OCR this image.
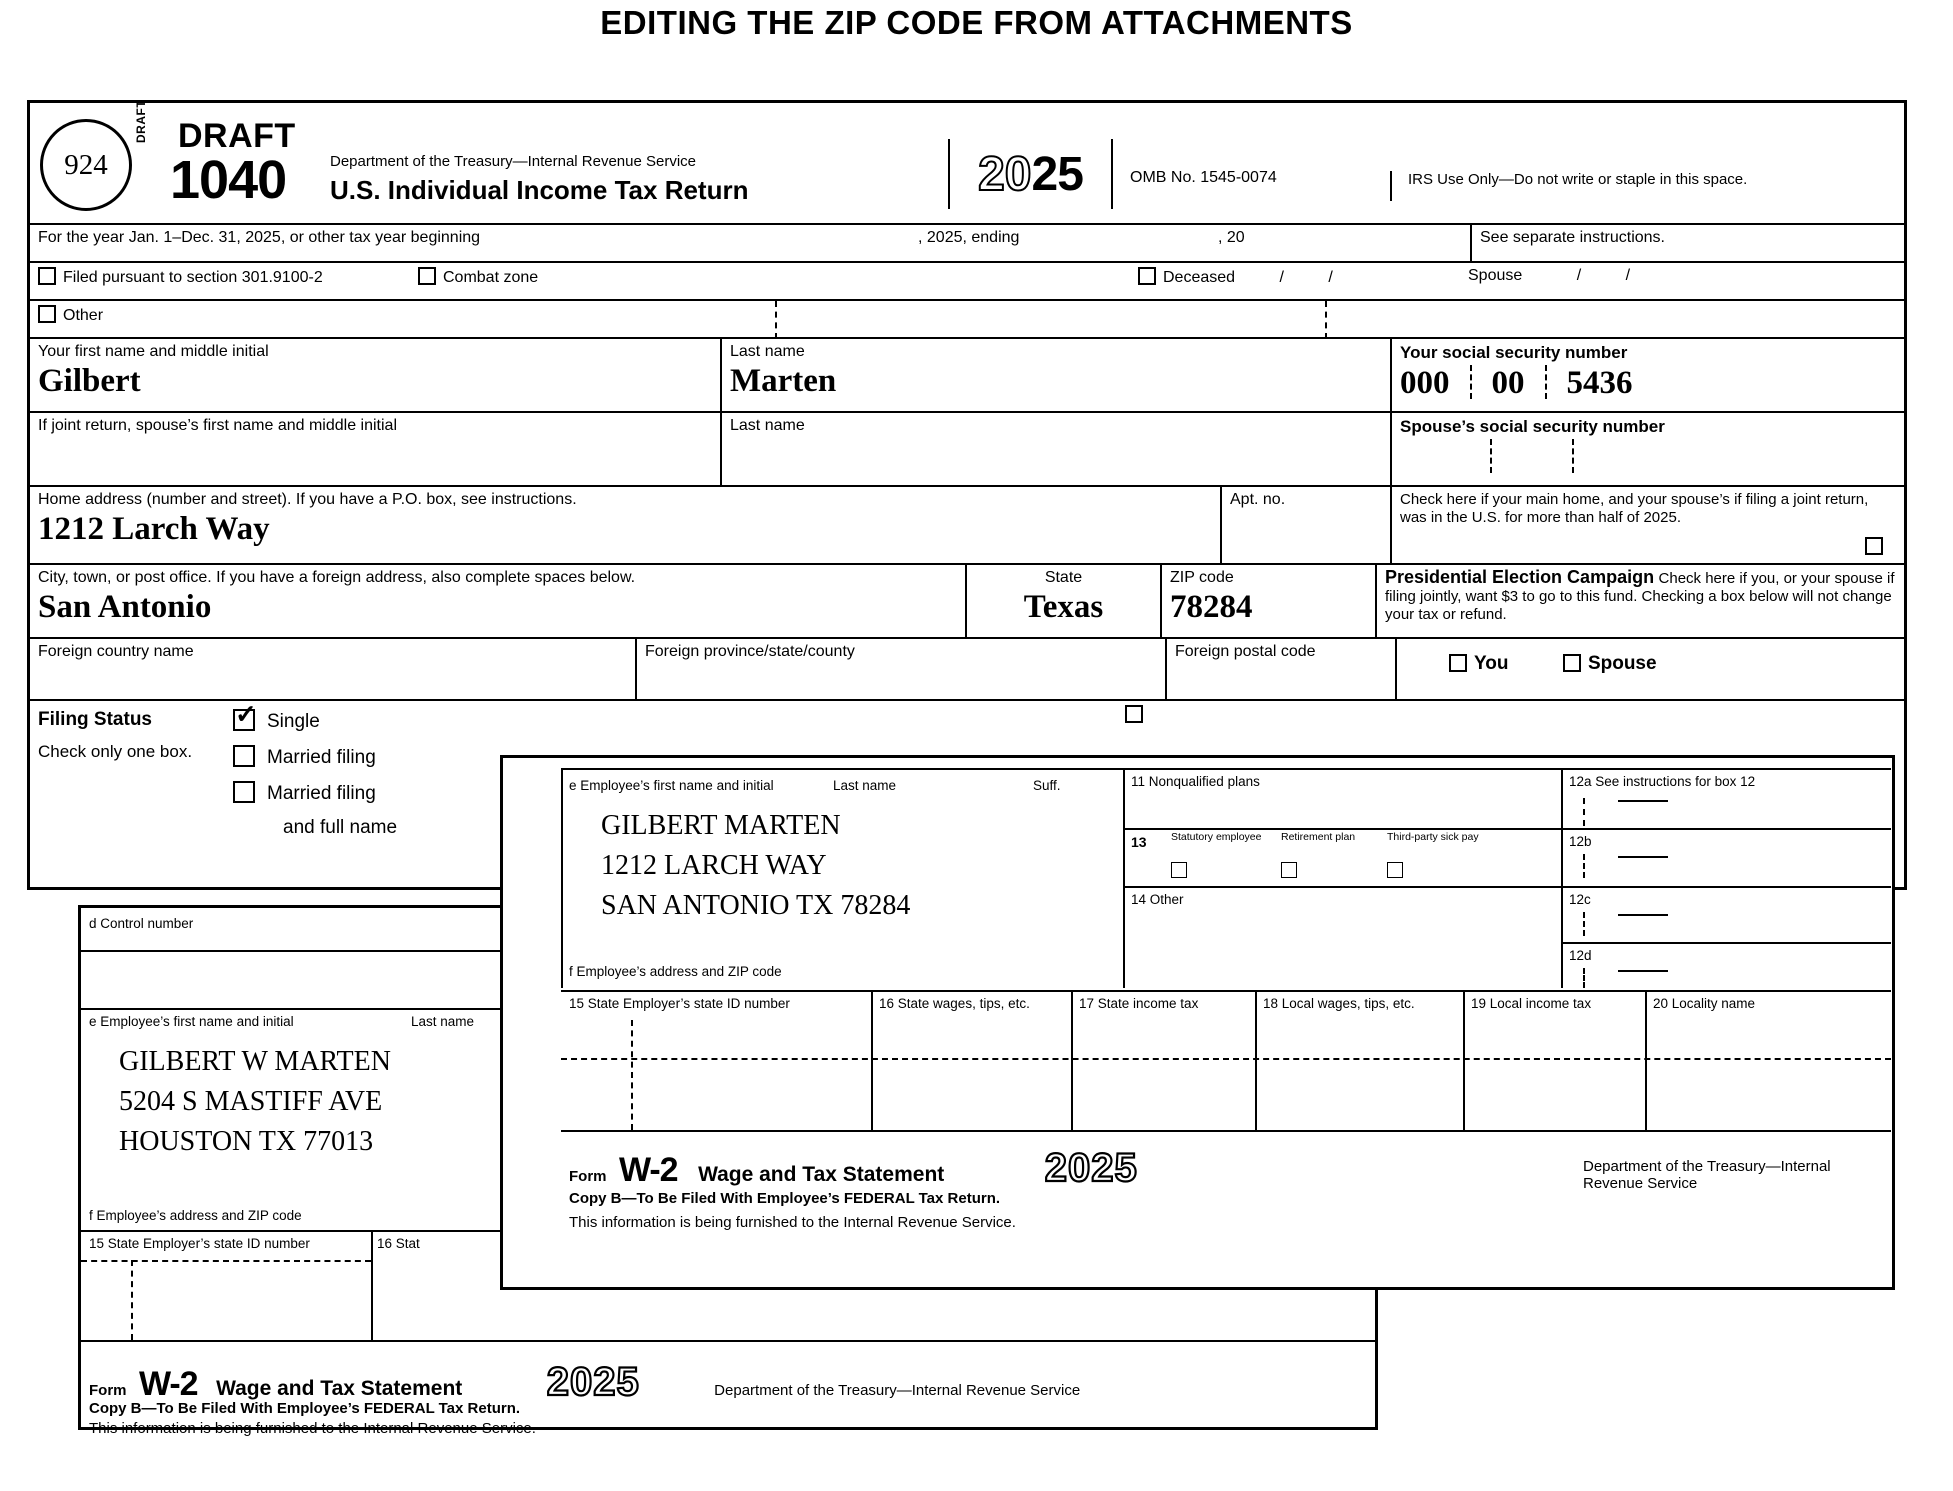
EDITING THE ZIP CODE FROM ATTACHMENTS
924
DRAFT DRAFT
1040	Department of the Treasury—Internal Revenue Service
U.S. Individual Income Tax Return	20 25	OMB No. 1545-0074	IRS Use Only—Do not write or staple in this space.
For the year Jan. 1–Dec. 31, 2025, or other tax year beginning	, 2025, ending	, 20	See separate instructions.
Filed pursuant to section 301.9100-2	Combat zone	Deceased	/	/	Spouse	/	/
Other
Your first name and middle initial
Gilbert
Last name
Marten
Your social security number
000 00 5436
If joint return, spouse’s first name and middle initial	Last name	Spouse’s social security number
Home address (number and street). If you have a P.O. box, see instructions.
1212 Larch Way
Apt. no.	Check here if your main home, and your spouse’s if filing a joint return, was in the U.S. for more than half of 2025.
City, town, or post office. If you have a foreign address, also complete spaces below.
San Antonio
State
Texas
ZIP code
78284
Presidential Election Campaign Check here if you, or your spouse if filing jointly, want $3 to go to this fund. Checking a box below will not change your tax or refund.
Foreign country name	Foreign province/state/county	Foreign postal code
You	Spouse
Filing Status
Check only one box.
✓Single
Married filing
Married filing
and full name
d Control number
e Employee’s first name and initial	Last name
GILBERT W MARTEN
5204 S MASTIFF AVE
HOUSTON TX 77013
f Employee’s address and ZIP code
15 State Employer’s state ID number	16 Stat
Form W-2 Wage and Tax Statement 2025	Department of the Treasury—Internal Revenue Service
Copy B—To Be Filed With Employee’s FEDERAL Tax Return.
This information is being furnished to the Internal Revenue Service.
e Employee’s first name and initial	Last name	Suff.
GILBERT MARTEN
1212 LARCH WAY
SAN ANTONIO TX 78284
f Employee’s address and ZIP code
11 Nonqualified plans	12a See instructions for box 12
13	12b
Statutory employee Retirement plan	Third-party sick pay
14 Other	12c
12d
15 State Employer’s state ID number	16 State wages, tips, etc.	17 State income tax	18 Local wages, tips, etc.	19 Local income tax	20 Locality name
Form W-2 Wage and Tax Statement	2025	Department of the Treasury—Internal Revenue Service
Copy B—To Be Filed With Employee’s FEDERAL Tax Return.
This information is being furnished to the Internal Revenue Service.
